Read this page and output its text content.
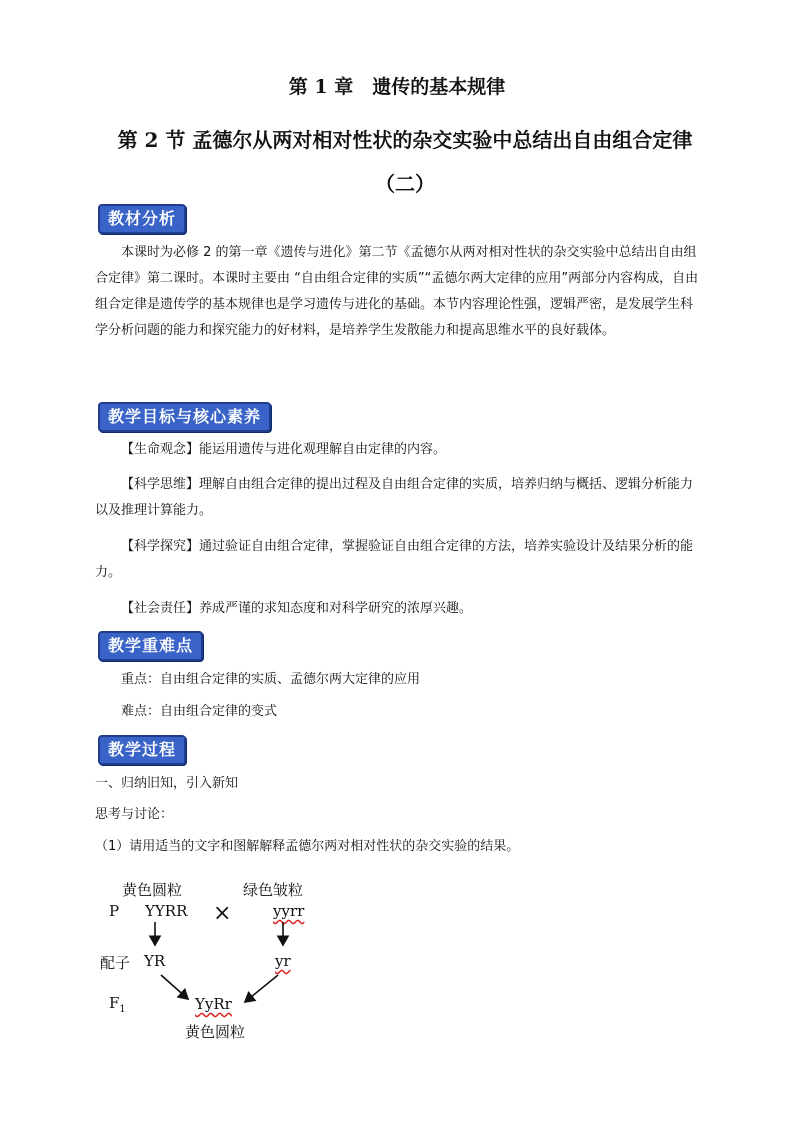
第 1 章　遗传的基本规律
第 2 节 孟德尔从两对相对性状的杂交实验中总结出自由组合定律（二）
教材分析

本课时为必修 2 的第一章《遗传与进化》第二节《孟德尔从两对相对性状的杂交实验中总结出自由组合定律》第二课时。本课时主要由 “自由组合定律的实质”“孟德尔两大定律的应用”两部分内容构成，自由组合定律是遗传学的基本规律也是学习遗传与进化的基础。本节内容理论性强，逻辑严密，是发展学生科学分析问题的能力和探究能力的好材料，是培养学生发散能力和提高思维水平的良好载体。

教学目标与核心素养

【生命观念】能运用遗传与进化观理解自由定律的内容。

【科学思维】理解自由组合定律的提出过程及自由组合定律的实质，培养归纳与概括、逻辑分析能力以及推理计算能力。

【科学探究】通过验证自由组合定律，掌握验证自由组合定律的方法，培养实验设计及结果分析的能力。

【社会责任】养成严谨的求知态度和对科学研究的浓厚兴趣。

教学重难点

重点：自由组合定律的实质、孟德尔两大定律的应用

难点：自由组合定律的变式

教学过程

一、归纳旧知，引入新知

思考与讨论：

（1）请用适当的文字和图解解释孟德尔两对相对性状的杂交实验的结果。

黄色圆粒	绿色皱粒
P YYRR ×	yyrr
配子 YR	yr
$F_1$	YyRr
黄色圆粒
